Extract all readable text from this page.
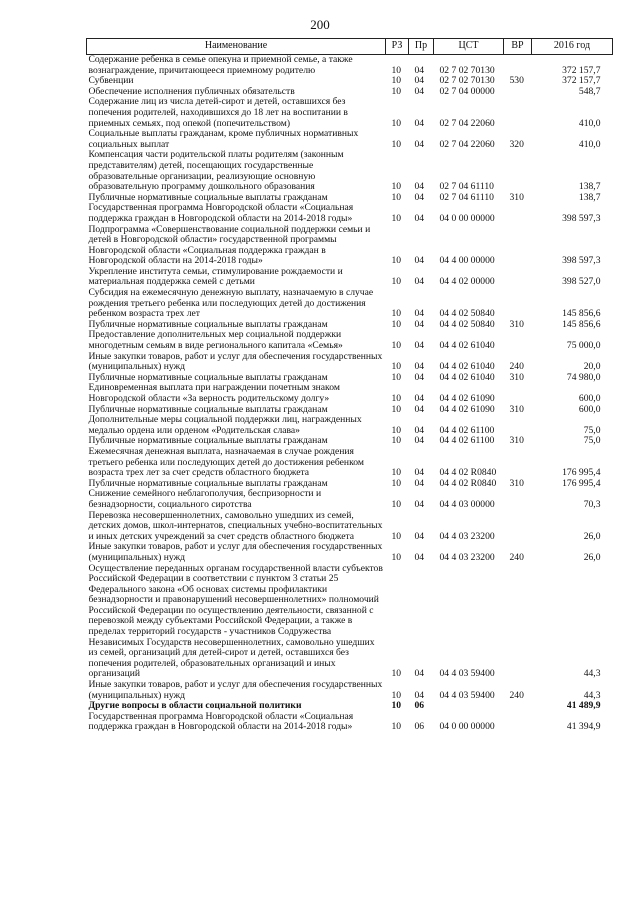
200
Наименование	РЗ	Пр	ЦСТ	ВР	2016 год
Содержание ребенка в семье опекуна и приемной семье, а также вознаграждение, причитающееся приемному родителю	10	04	02 7 02 70130		372 157,7
Субвенции	10	04	02 7 02 70130	530	372 157,7
Обеспечение исполнения публичных обязательств	10	04	02 7 04 00000		548,7
Содержание лиц из числа детей-сирот и детей, оставшихся без попечения родителей, находившихся до 18 лет на воспитании в приемных семьях, под опекой (попечительством)	10	04	02 7 04 22060		410,0
Социальные выплаты гражданам, кроме публичных нормативных социальных выплат	10	04	02 7 04 22060	320	410,0
Компенсация части родительской платы родителям (законным представителям) детей, посещающих государственные образовательные организации, реализующие основную образовательную программу дошкольного образования	10	04	02 7 04 61110		138,7
Публичные нормативные социальные выплаты гражданам	10	04	02 7 04 61110	310	138,7
Государственная программа Новгородской области «Социальная поддержка граждан в Новгородской области на 2014-2018 годы»	10	04	04 0 00 00000		398 597,3
Подпрограмма «Совершенствование социальной поддержки семьи и детей в Новгородской области» государственной программы Новгородской области «Социальная поддержка граждан в Новгородской области на 2014-2018 годы»	10	04	04 4 00 00000		398 597,3
Укрепление института семьи, стимулирование рождаемости и материальная поддержка семей с детьми	10	04	04 4 02 00000		398 527,0
Субсидия на ежемесячную денежную выплату, назначаемую в случае рождения третьего ребенка или последующих детей до достижения ребенком возраста трех лет	10	04	04 4 02 50840		145 856,6
Публичные нормативные социальные выплаты гражданам	10	04	04 4 02 50840	310	145 856,6
Предоставление дополнительных мер социальной поддержки многодетным семьям в виде регионального капитала «Семья»	10	04	04 4 02 61040		75 000,0
Иные закупки товаров, работ и услуг для обеспечения государственных (муниципальных) нужд	10	04	04 4 02 61040	240	20,0
Публичные нормативные социальные выплаты гражданам	10	04	04 4 02 61040	310	74 980,0
Единовременная выплата при награждении почетным знаком Новгородской области «За верность родительскому долгу»	10	04	04 4 02 61090		600,0
Публичные нормативные социальные выплаты гражданам	10	04	04 4 02 61090	310	600,0
Дополнительные меры социальной поддержки лиц, награжденных медалью ордена или орденом «Родительская слава»	10	04	04 4 02 61100		75,0
Публичные нормативные социальные выплаты гражданам	10	04	04 4 02 61100	310	75,0
Ежемесячная денежная выплата, назначаемая в случае рождения третьего ребенка или последующих детей до достижения ребенком возраста трех лет за счет средств областного бюджета	10	04	04 4 02 R0840		176 995,4
Публичные нормативные социальные выплаты гражданам	10	04	04 4 02 R0840	310	176 995,4
Снижение семейного неблагополучия, беспризорности и безнадзорности, социального сиротства	10	04	04 4 03 00000		70,3
Перевозка несовершеннолетних, самовольно ушедших из семей, детских домов, школ-интернатов, специальных учебно-воспитательных и иных детских учреждений за счет средств областного бюджета	10	04	04 4 03 23200		26,0
Иные закупки товаров, работ и услуг для обеспечения государственных (муниципальных) нужд	10	04	04 4 03 23200	240	26,0
Осуществление переданных органам государственной власти субъектов Российской Федерации в соответствии с пунктом 3 статьи 25 Федерального закона «Об основах системы профилактики безнадзорности и правонарушений несовершеннолетних» полномочий Российской Федерации по осуществлению деятельности, связанной с перевозкой между субъектами Российской Федерации, а также в пределах территорий государств - участников Содружества Независимых Государств несовершеннолетних, самовольно ушедших из семей, организаций для детей-сирот и детей, оставшихся без попечения родителей, образовательных организаций и иных организаций	10	04	04 4 03 59400		44,3
Иные закупки товаров, работ и услуг для обеспечения государственных (муниципальных) нужд	10	04	04 4 03 59400	240	44,3
Другие вопросы в области социальной политики	10	06			41 489,9
Государственная программа Новгородской области «Социальная поддержка граждан в Новгородской области на 2014-2018 годы»	10	06	04 0 00 00000		41 394,9
